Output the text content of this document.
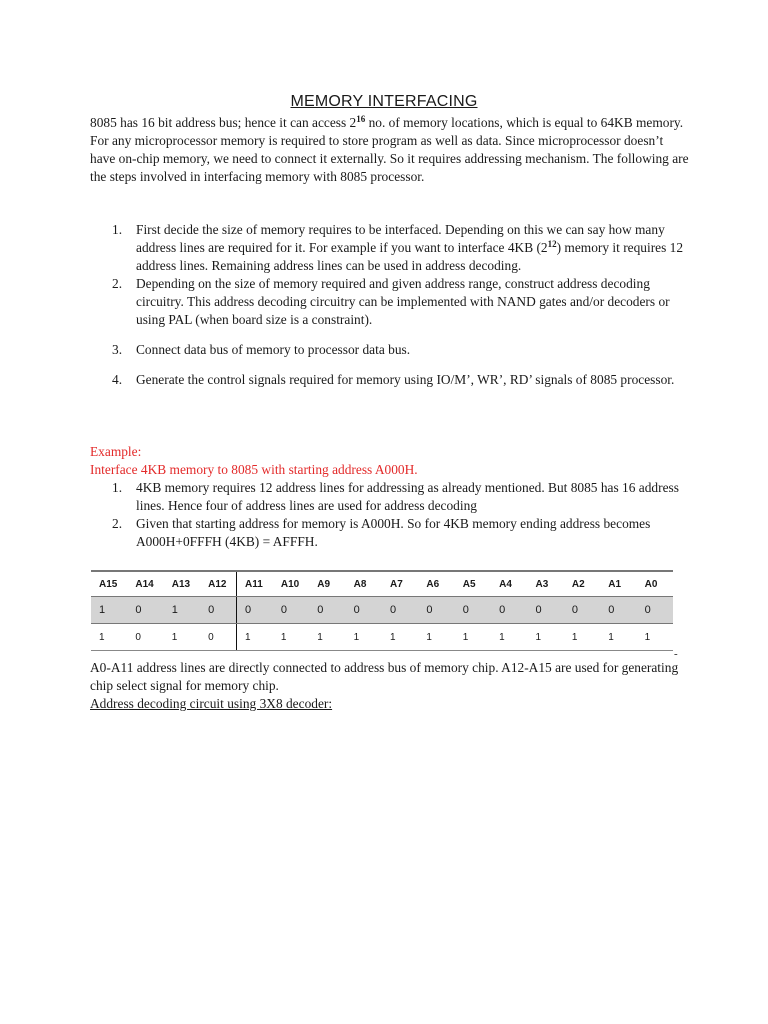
MEMORY INTERFACING
8085 has 16 bit address bus; hence it can access $2^{16}$ no. of memory locations, which is equal to 64KB memory. For any microprocessor memory is required to store program as well as data. Since microprocessor doesn’t have on-chip memory, we need to connect it externally. So it requires addressing mechanism. The following are the steps involved in interfacing memory with 8085 processor.
1. First decide the size of memory requires to be interfaced. Depending on this we can say how many address lines are required for it. For example if you want to interface 4KB $(2^{12})$ memory it requires 12 address lines. Remaining address lines can be used in address decoding.
2. Depending on the size of memory required and given address range, construct address decoding circuitry. This address decoding circuitry can be implemented with NAND gates and/or decoders or using PAL (when board size is a constraint).
3. Connect data bus of memory to processor data bus.
4. Generate the control signals required for memory using IO/M’, WR’, RD’ signals of 8085 processor.
Example:
Interface 4KB memory to 8085 with starting address A000H.
1. 4KB memory requires 12 address lines for addressing as already mentioned. But 8085 has 16 address lines. Hence four of address lines are used for address decoding
2. Given that starting address for memory is A000H. So for 4KB memory ending address becomes A000H+0FFFH (4KB) = AFFFH.
A15	A14	A13	A12	A11	A10	A9	A8	A7	A6	A5	A4	A3	A2	A1	A0
1	0	1	0	0	0	0	0	0	0	0	0	0	0	0	0
1	0	1	0	1	1	1	1	1	1	1	1	1	1	1	1
-
A0-A11 address lines are directly connected to address bus of memory chip. A12-A15 are used for generating chip select signal for memory chip.
Address decoding circuit using 3X8 decoder:
